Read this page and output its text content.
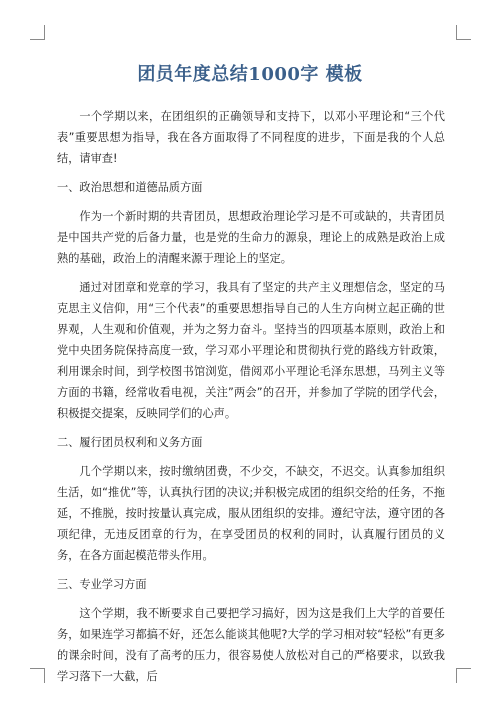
团员年度总结1000字 模板

一个学期以来，在团组织的正确领导和支持下，以邓小平理论和“三个代表”重要思想为指导，我在各方面取得了不同程度的进步，下面是我的个人总结，请审查!

一、政治思想和道德品质方面

作为一个新时期的共青团员，思想政治理论学习是不可或缺的，共青团员是中国共产党的后备力量，也是党的生命力的源泉，理论上的成熟是政治上成熟的基础，政治上的清醒来源于理论上的坚定。

通过对团章和党章的学习，我具有了坚定的共产主义理想信念，坚定的马克思主义信仰，用“三个代表”的重要思想指导自己的人生方向树立起正确的世界观，人生观和价值观，并为之努力奋斗。坚持当的四项基本原则，政治上和党中央团务院保持高度一致，学习邓小平理论和贯彻执行党的路线方针政策，利用课余时间，到学校图书馆浏览，借阅邓小平理论毛泽东思想，马列主义等方面的书籍，经常收看电视，关注”两会”的召开，并参加了学院的团学代会，积极提交提案，反映同学们的心声。

二、履行团员权利和义务方面

几个学期以来，按时缴纳团费，不少交，不缺交，不迟交。认真参加组织生活，如“推优”等，认真执行团的决议;并积极完成团的组织交给的任务，不拖延，不推脱，按时按量认真完成，服从团组织的安排。遵纪守法，遵守团的各项纪律，无违反团章的行为，在享受团员的权利的同时，认真履行团员的义务，在各方面起模范带头作用。

三、专业学习方面

这个学期，我不断要求自己要把学习搞好，因为这是我们上大学的首要任务，如果连学习都搞不好，还怎么能谈其他呢?大学的学习相对较“轻松”有更多的课余时间，没有了高考的压力，很容易使人放松对自己的严格要求，以致我学习落下一大截，后
